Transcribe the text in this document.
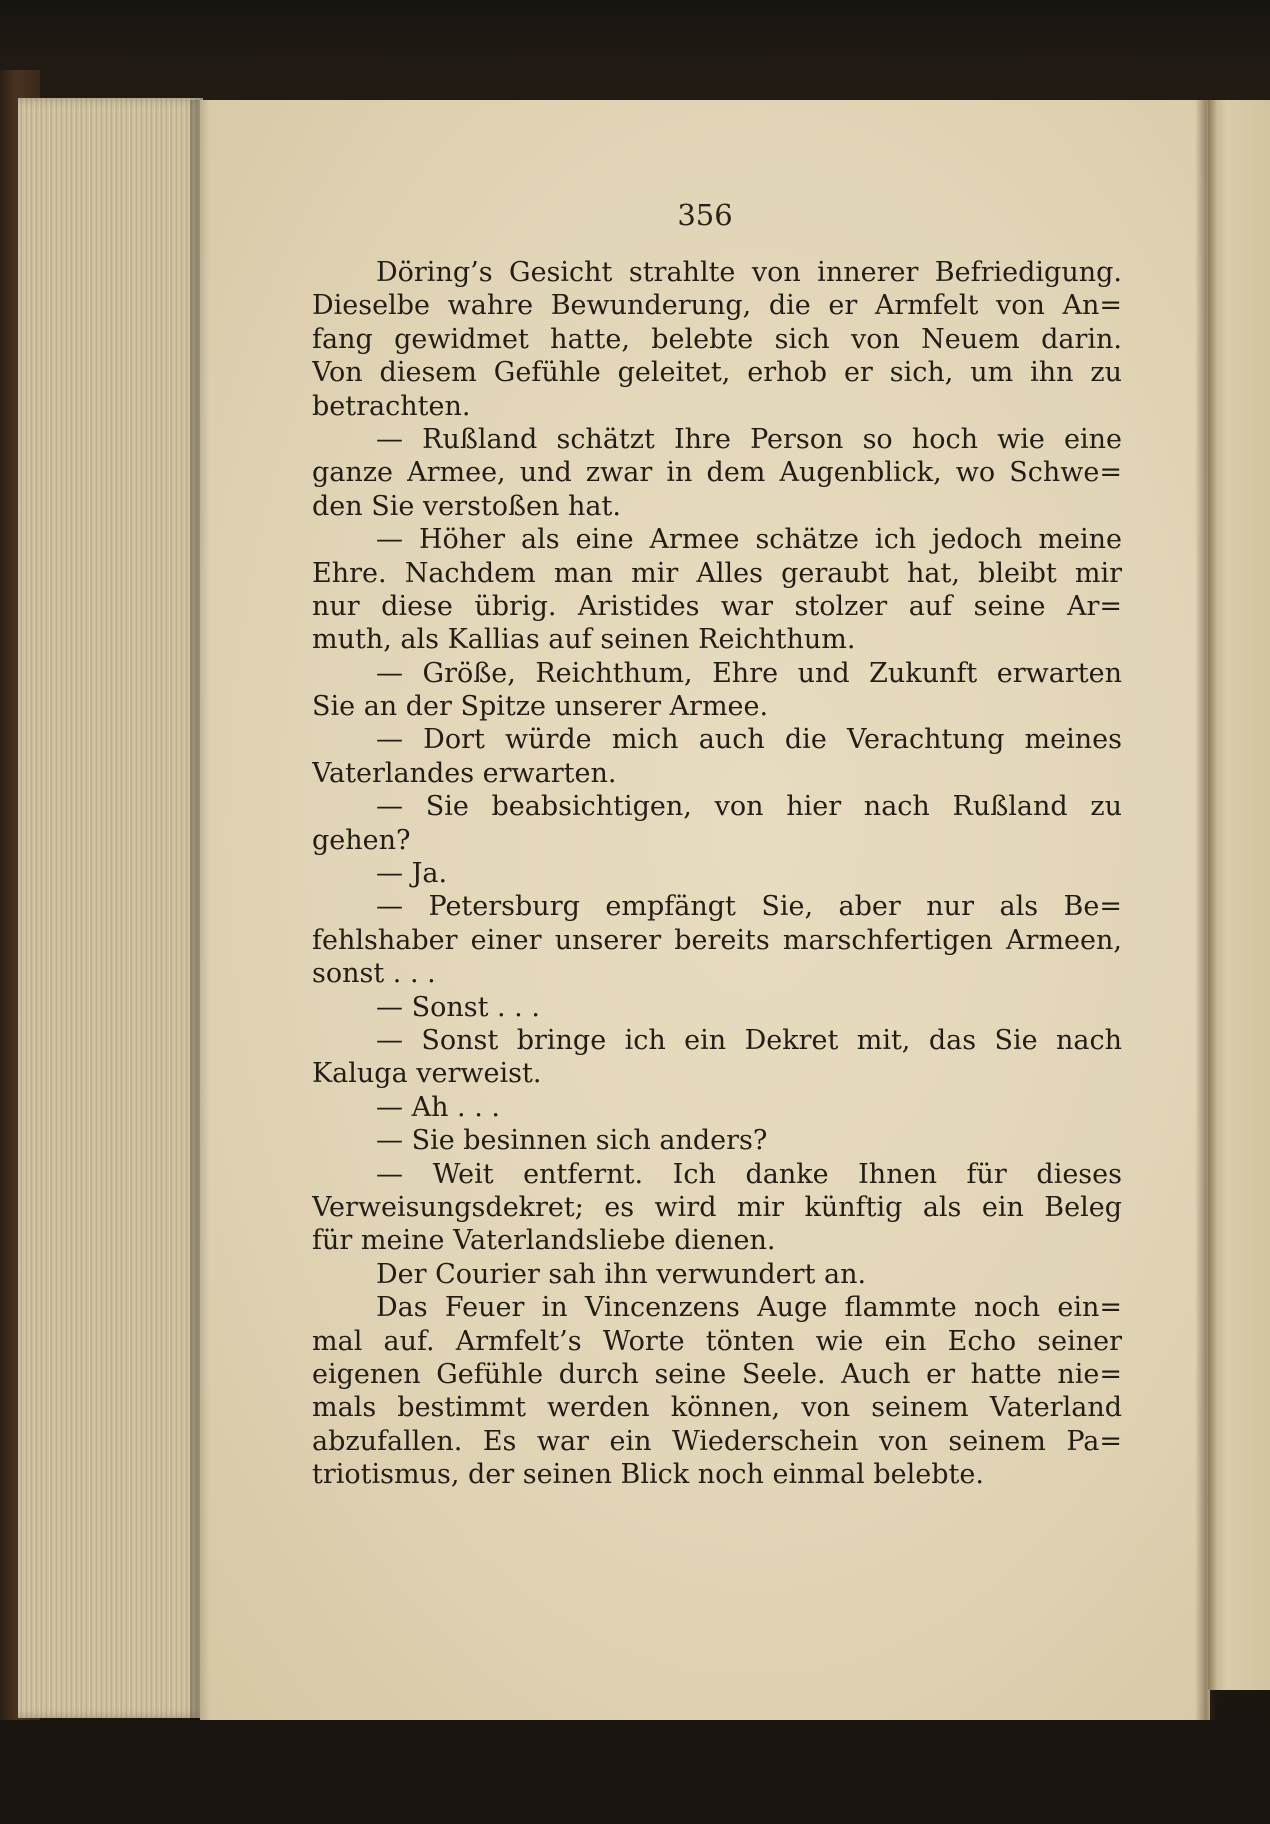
356
Döring’s Gesicht strahlte von innerer Befriedigung.
Dieselbe wahre Bewunderung, die er Armfelt von An=
fang gewidmet hatte, belebte sich von Neuem darin.
Von diesem Gefühle geleitet, erhob er sich, um ihn zu
betrachten.
— Rußland schätzt Ihre Person so hoch wie eine
ganze Armee, und zwar in dem Augenblick, wo Schwe=
den Sie verstoßen hat.
— Höher als eine Armee schätze ich jedoch meine
Ehre. Nachdem man mir Alles geraubt hat, bleibt mir
nur diese übrig. Aristides war stolzer auf seine Ar=
muth, als Kallias auf seinen Reichthum.
— Größe, Reichthum, Ehre und Zukunft erwarten
Sie an der Spitze unserer Armee.
— Dort würde mich auch die Verachtung meines
Vaterlandes erwarten.
— Sie beabsichtigen, von hier nach Rußland zu
gehen?
— Ja.
— Petersburg empfängt Sie, aber nur als Be=
fehlshaber einer unserer bereits marschfertigen Armeen,
sonst . . .
— Sonst . . .
— Sonst bringe ich ein Dekret mit, das Sie nach
Kaluga verweist.
— Ah . . .
— Sie besinnen sich anders?
— Weit entfernt. Ich danke Ihnen für dieses
Verweisungsdekret; es wird mir künftig als ein Beleg
für meine Vaterlandsliebe dienen.
Der Courier sah ihn verwundert an.
Das Feuer in Vincenzens Auge flammte noch ein=
mal auf. Armfelt’s Worte tönten wie ein Echo seiner
eigenen Gefühle durch seine Seele. Auch er hatte nie=
mals bestimmt werden können, von seinem Vaterland
abzufallen. Es war ein Wiederschein von seinem Pa=
triotismus, der seinen Blick noch einmal belebte.
